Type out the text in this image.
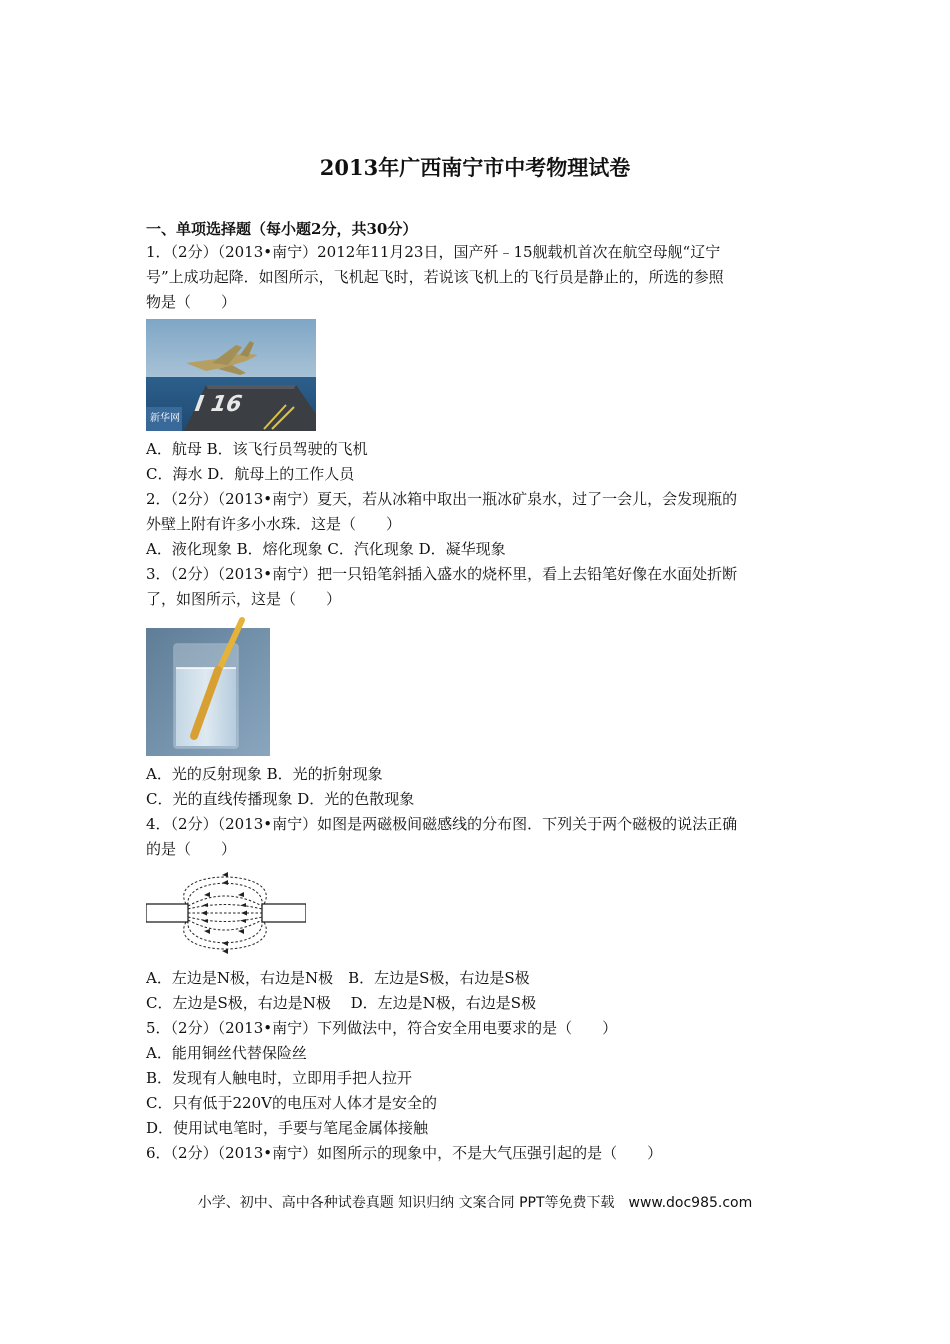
2013年广西南宁市中考物理试卷
一、单项选择题（每小题2分，共30分）
1．（2分）（2013•南宁）2012年11月23日，国产歼﹣15舰载机首次在航空母舰“辽宁
号”上成功起降．如图所示，飞机起飞时，若说该飞机上的飞行员是静止的，所选的参照
物是（　　）
I 16
新华网
A．航母 B．该飞行员驾驶的飞机
C．海水 D．航母上的工作人员
2．（2分）（2013•南宁）夏天，若从冰箱中取出一瓶冰矿泉水，过了一会儿，会发现瓶的
外壁上附有许多小水珠．这是（　　）
A．液化现象 B．熔化现象 C．汽化现象 D．凝华现象
3．（2分）（2013•南宁）把一只铅笔斜插入盛水的烧杯里，看上去铅笔好像在水面处折断
了，如图所示，这是（　　）
A．光的反射现象 B．光的折射现象
C．光的直线传播现象 D．光的色散现象
4．（2分）（2013•南宁）如图是两磁极间磁感线的分布图．下列关于两个磁极的说法正确
的是（　　）
A．左边是N极，右边是N极　B．左边是S极，右边是S极
C．左边是S极，右边是N极　 D．左边是N极，右边是S极
5．（2分）（2013•南宁）下列做法中，符合安全用电要求的是（　　）
A．能用铜丝代替保险丝
B．发现有人触电时，立即用手把人拉开
C．只有低于220V的电压对人体才是安全的
D．使用试电笔时，手要与笔尾金属体接触
6．（2分）（2013•南宁）如图所示的现象中，不是大气压强引起的是（　　）
小学、初中、高中各种试卷真题 知识归纳 文案合同 PPT等免费下载　www.doc985.com
